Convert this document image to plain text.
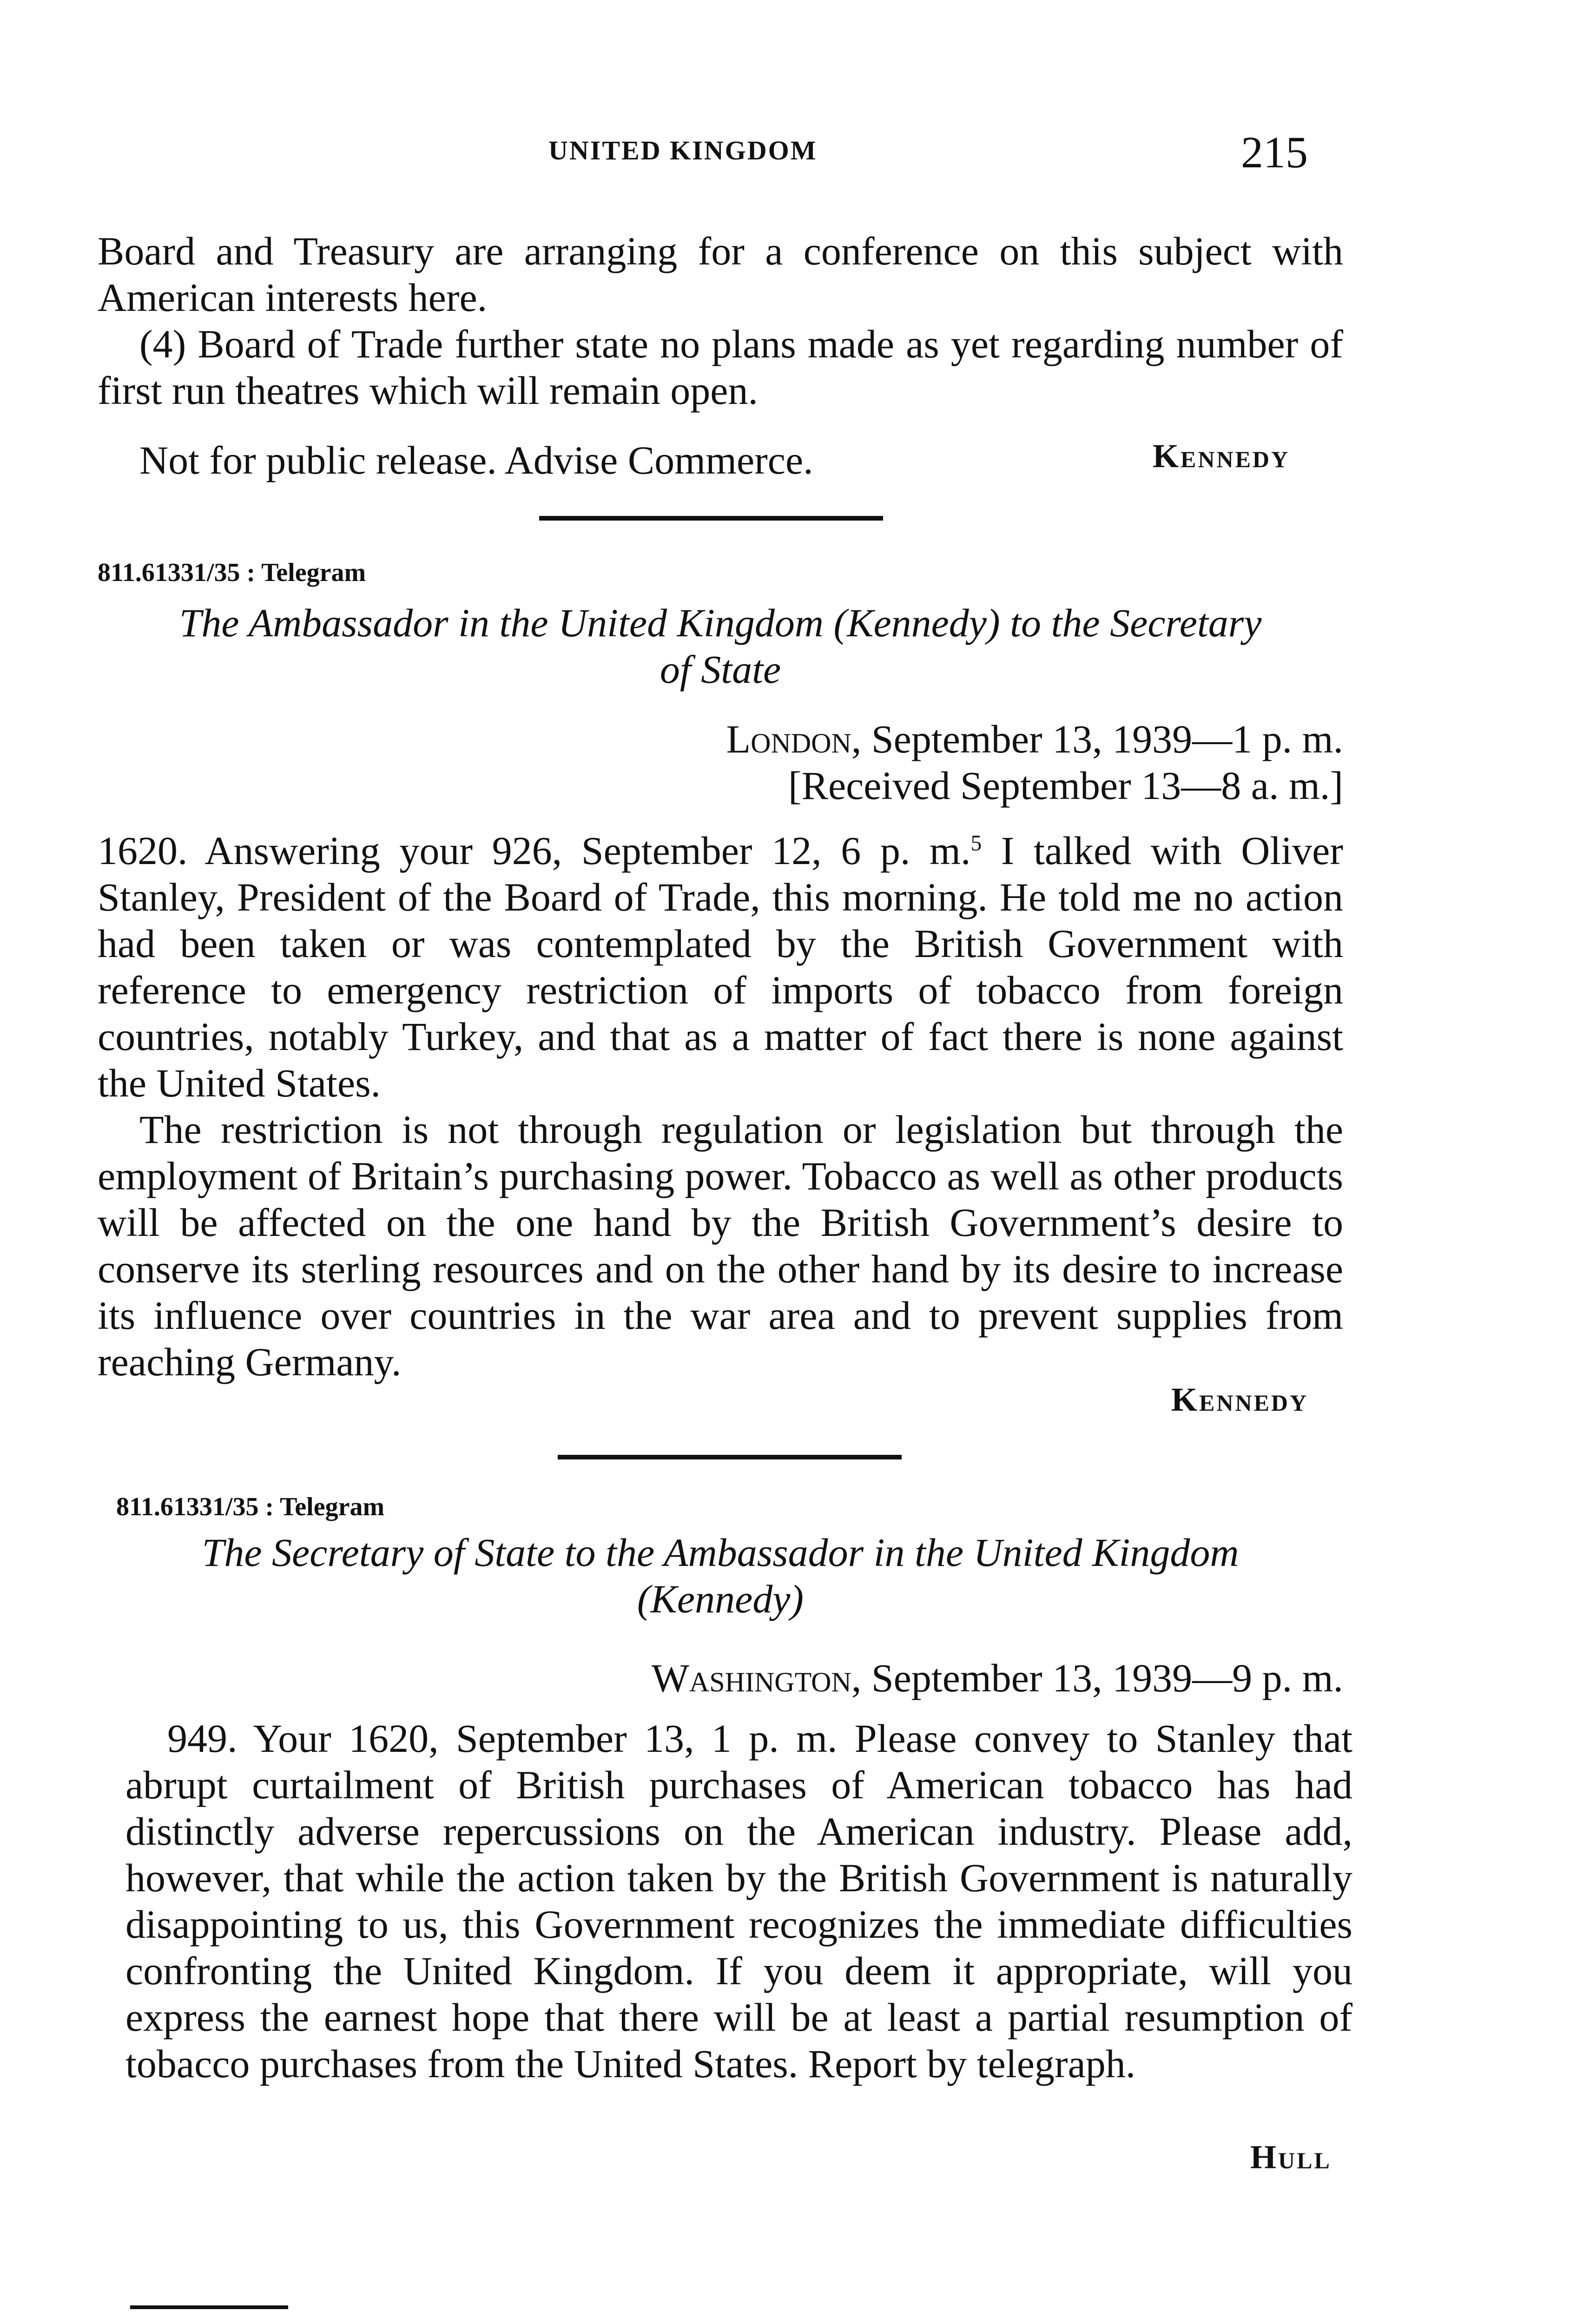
UNITED KINGDOM	215

Board and Treasury are arranging for a conference on this subject with American interests here.

(4) Board of Trade further state no plans made as yet regarding number of first run theatres which will remain open.

Not for public release. Advise Commerce.	Kennedy
811.61331/35 : Telegram
The Ambassador in the United Kingdom (Kennedy) to the Secretary
of State
London, September 13, 1939—1 p. m.
[Received September 13—8 a. m.]

1620. Answering your 926, September 12, 6 p. m.$^5$ I talked with Oliver Stanley, President of the Board of Trade, this morning. He told me no action had been taken or was contemplated by the British Government with reference to emergency restriction of imports of tobacco from foreign countries, notably Turkey, and that as a matter of fact there is none against the United States.

The restriction is not through regulation or legislation but through the employment of Britain’s purchasing power. Tobacco as well as other products will be affected on the one hand by the British Government’s desire to conserve its sterling resources and on the other hand by its desire to increase its influence over countries in the war area and to prevent supplies from reaching Germany.

Kennedy
811.61331/35 : Telegram
The Secretary of State to the Ambassador in the United Kingdom
(Kennedy)
Washington, September 13, 1939—9 p. m.

949. Your 1620, September 13, 1 p. m. Please convey to Stanley that abrupt curtailment of British purchases of American tobacco has had distinctly adverse repercussions on the American industry. Please add, however, that while the action taken by the British Government is naturally disappointing to us, this Government recognizes the immediate difficulties confronting the United Kingdom. If you deem it appropriate, will you express the earnest hope that there will be at least a partial resumption of tobacco purchases from the United States. Report by telegraph.

Hull
